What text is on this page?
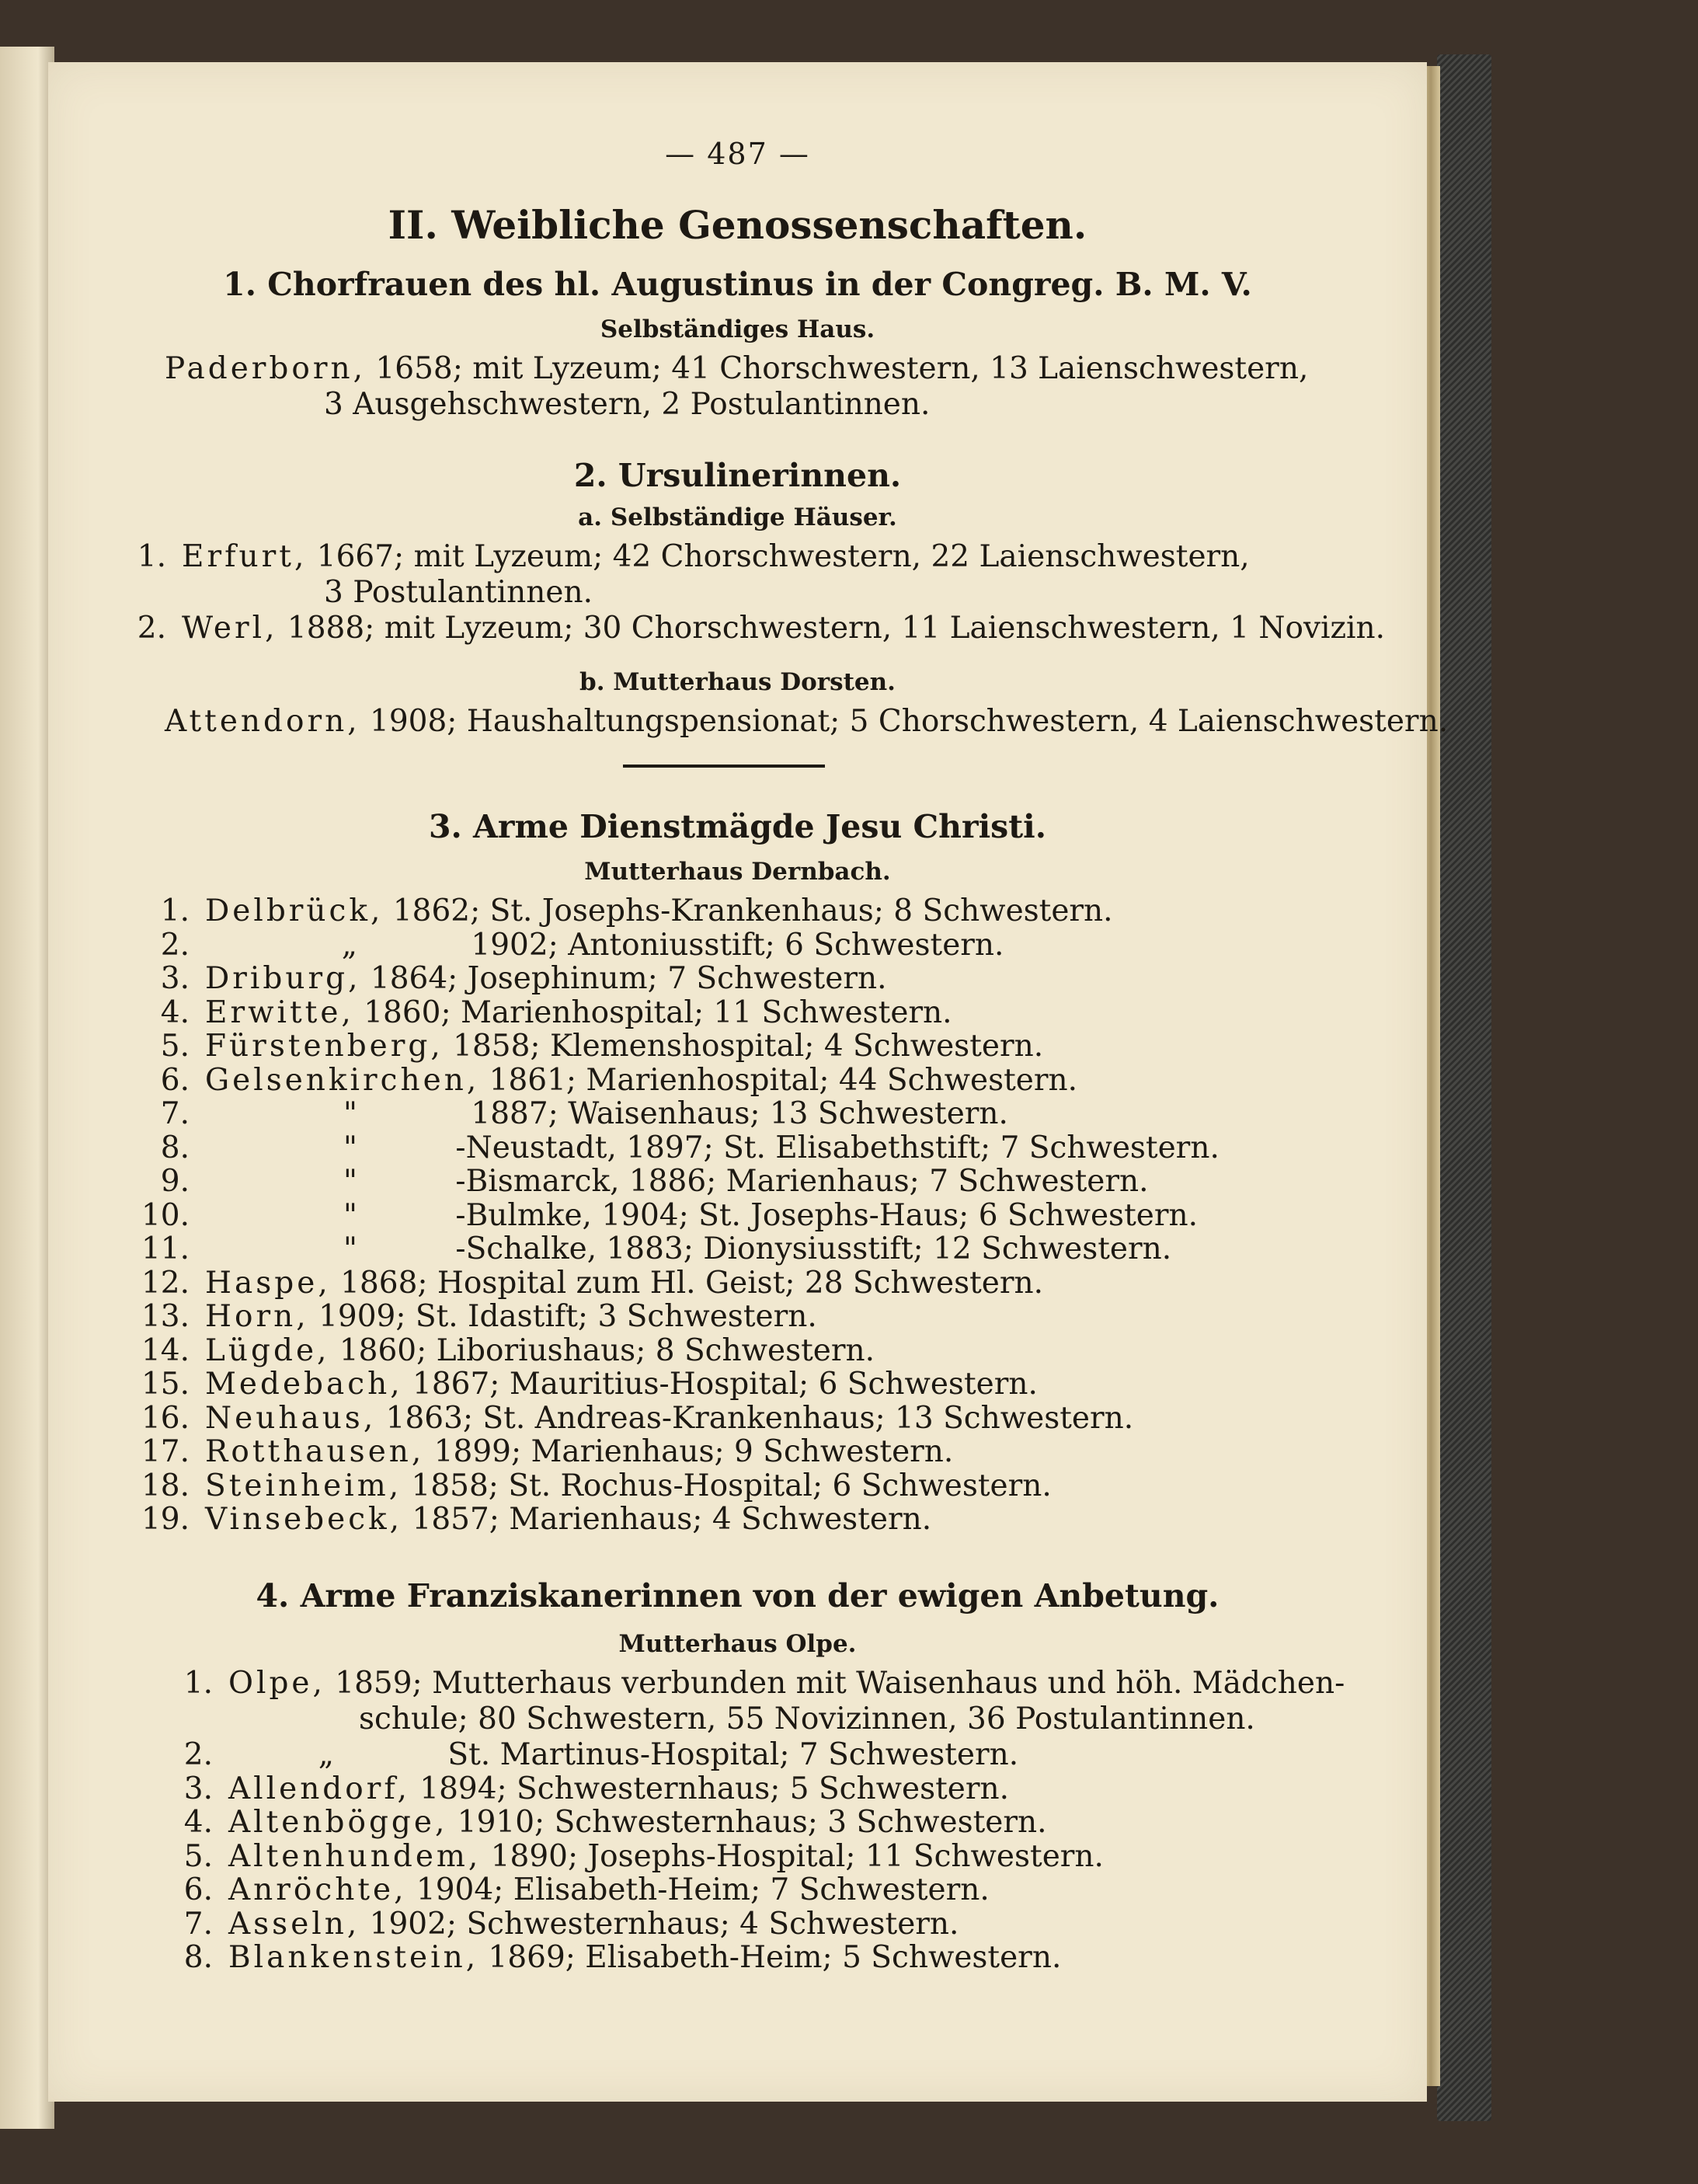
— 487 —
II. Weibliche Genossenschaften.
1. Chorfrauen des hl. Augustinus in der Congreg. B. M. V.
Selbständiges Haus.
Paderborn, 1658; mit Lyzeum; 41 Chorschwestern, 13 Laienschwestern,
3 Ausgehschwestern, 2 Postulantinnen.
2. Ursulinerinnen.
a. Selbständige Häuser.
1. Erfurt, 1667; mit Lyzeum; 42 Chorschwestern, 22 Laienschwestern,
3 Postulantinnen.
2. Werl, 1888; mit Lyzeum; 30 Chorschwestern, 11 Laienschwestern, 1 Novizin.
b. Mutterhaus Dorsten.
Attendorn, 1908; Haushaltungspensionat; 5 Chorschwestern, 4 Laienschwestern.
3. Arme Dienstmägde Jesu Christi.
Mutterhaus Dernbach.
1. Delbrück, 1862; St. Josephs-Krankenhaus; 8 Schwestern.
2.	„	1902; Antoniusstift; 6 Schwestern.
3. Driburg, 1864; Josephinum; 7 Schwestern.
4. Erwitte, 1860; Marienhospital; 11 Schwestern.
5. Fürstenberg, 1858; Klemenshospital; 4 Schwestern.
6. Gelsenkirchen, 1861; Marienhospital; 44 Schwestern.
7.	"	1887; Waisenhaus; 13 Schwestern.
8.	"	-Neustadt, 1897; St. Elisabethstift; 7 Schwestern.
9.	"	-Bismarck, 1886; Marienhaus; 7 Schwestern.
10.	"	-Bulmke, 1904; St. Josephs-Haus; 6 Schwestern.
11.	"	-Schalke, 1883; Dionysiusstift; 12 Schwestern.
12. Haspe, 1868; Hospital zum Hl. Geist; 28 Schwestern.
13. Horn, 1909; St. Idastift; 3 Schwestern.
14. Lügde, 1860; Liboriushaus; 8 Schwestern.
15. Medebach, 1867; Mauritius-Hospital; 6 Schwestern.
16. Neuhaus, 1863; St. Andreas-Krankenhaus; 13 Schwestern.
17. Rotthausen, 1899; Marienhaus; 9 Schwestern.
18. Steinheim, 1858; St. Rochus-Hospital; 6 Schwestern.
19. Vinsebeck, 1857; Marienhaus; 4 Schwestern.
4. Arme Franziskanerinnen von der ewigen Anbetung.
Mutterhaus Olpe.
1. Olpe, 1859; Mutterhaus verbunden mit Waisenhaus und höh. Mädchen-
schule; 80 Schwestern, 55 Novizinnen, 36 Postulantinnen.
2.	„	St. Martinus-Hospital; 7 Schwestern.
3. Allendorf, 1894; Schwesternhaus; 5 Schwestern.
4. Altenbögge, 1910; Schwesternhaus; 3 Schwestern.
5. Altenhundem, 1890; Josephs-Hospital; 11 Schwestern.
6. Anröchte, 1904; Elisabeth-Heim; 7 Schwestern.
7. Asseln, 1902; Schwesternhaus; 4 Schwestern.
8. Blankenstein, 1869; Elisabeth-Heim; 5 Schwestern.
